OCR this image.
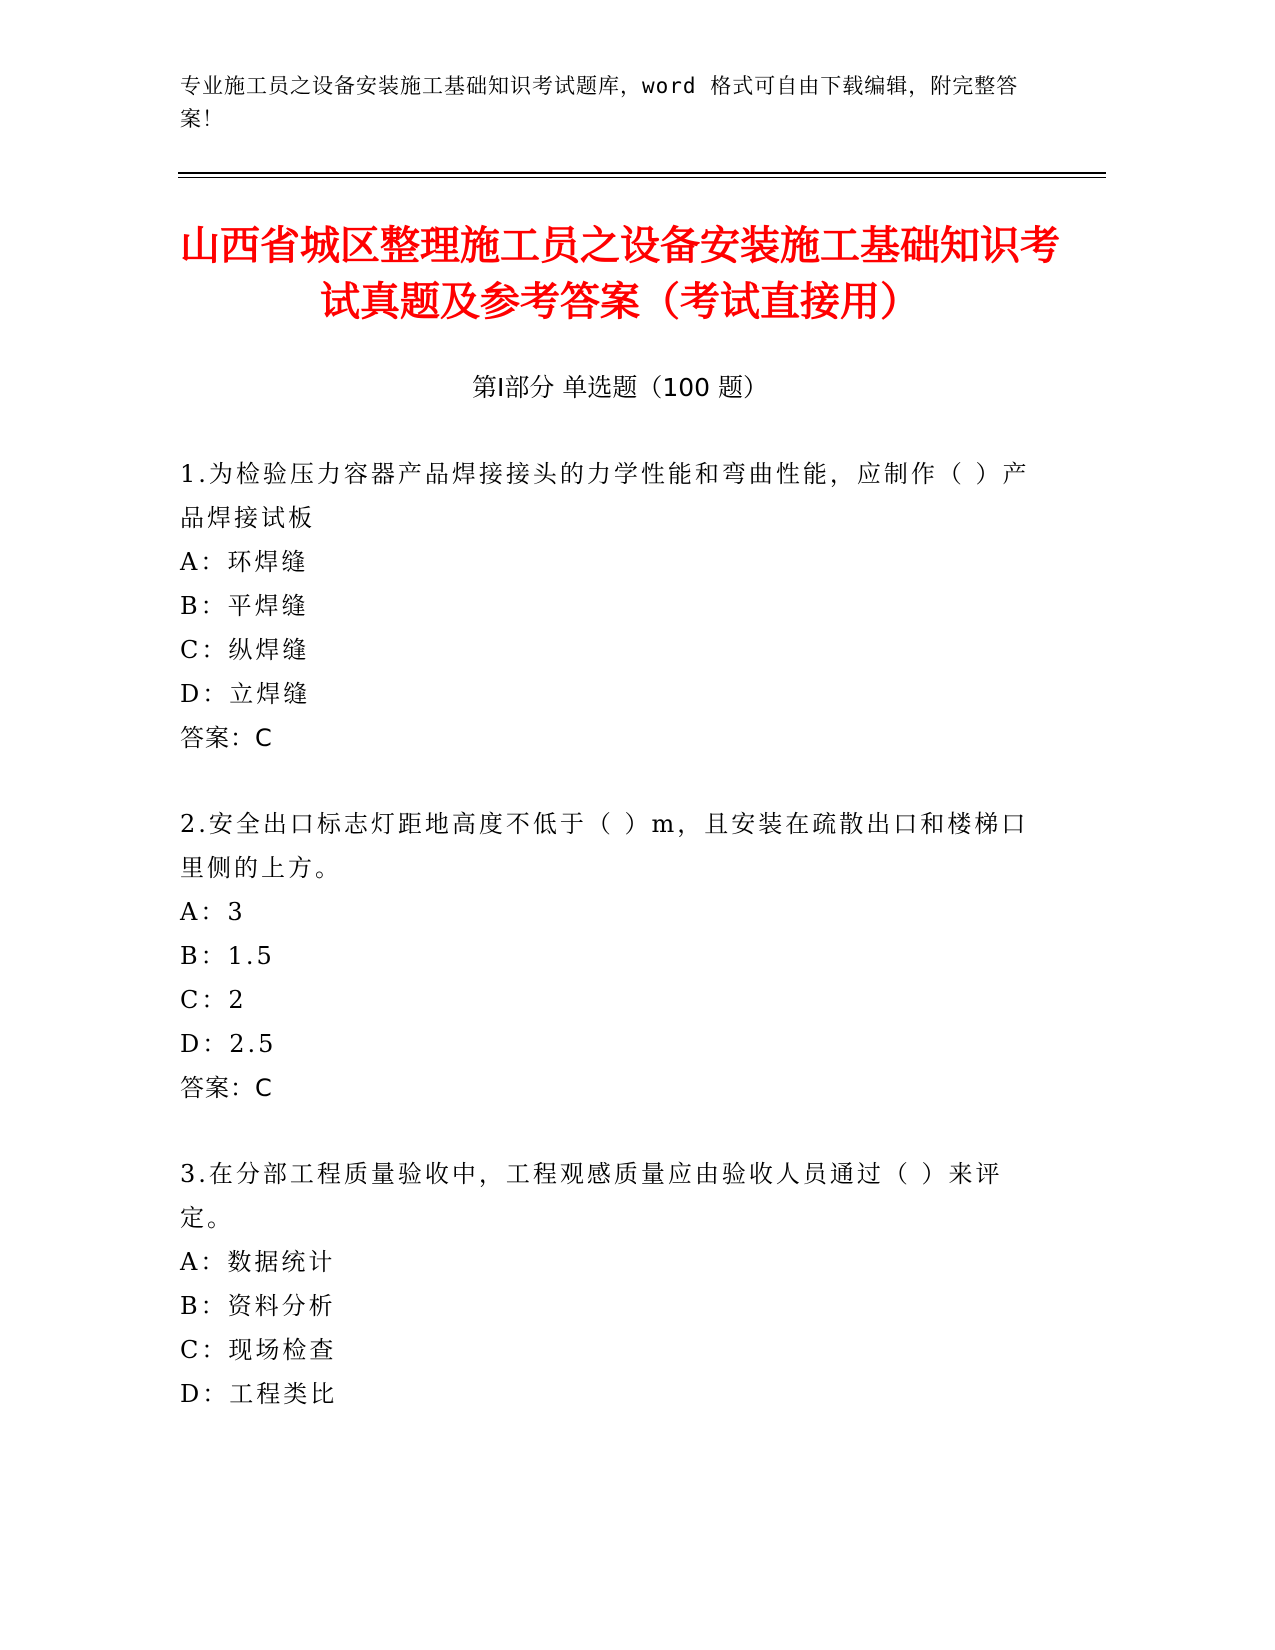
专业施工员之设备安装施工基础知识考试题库，word 格式可自由下载编辑，附完整答案！
山西省城区整理施工员之设备安装施工基础知识考试真题及参考答案（考试直接用）
第Ⅰ部分 单选题（100 题）
1.为检验压力容器产品焊接接头的力学性能和弯曲性能，应制作（ ）产品焊接试板
A：环焊缝
B：平焊缝
C：纵焊缝
D：立焊缝
答案：C
2.安全出口标志灯距地高度不低于（ ）m，且安装在疏散出口和楼梯口里侧的上方。
A：3
B：1.5
C：2
D：2.5
答案：C
3.在分部工程质量验收中，工程观感质量应由验收人员通过（ ）来评定。
A：数据统计
B：资料分析
C：现场检查
D：工程类比
